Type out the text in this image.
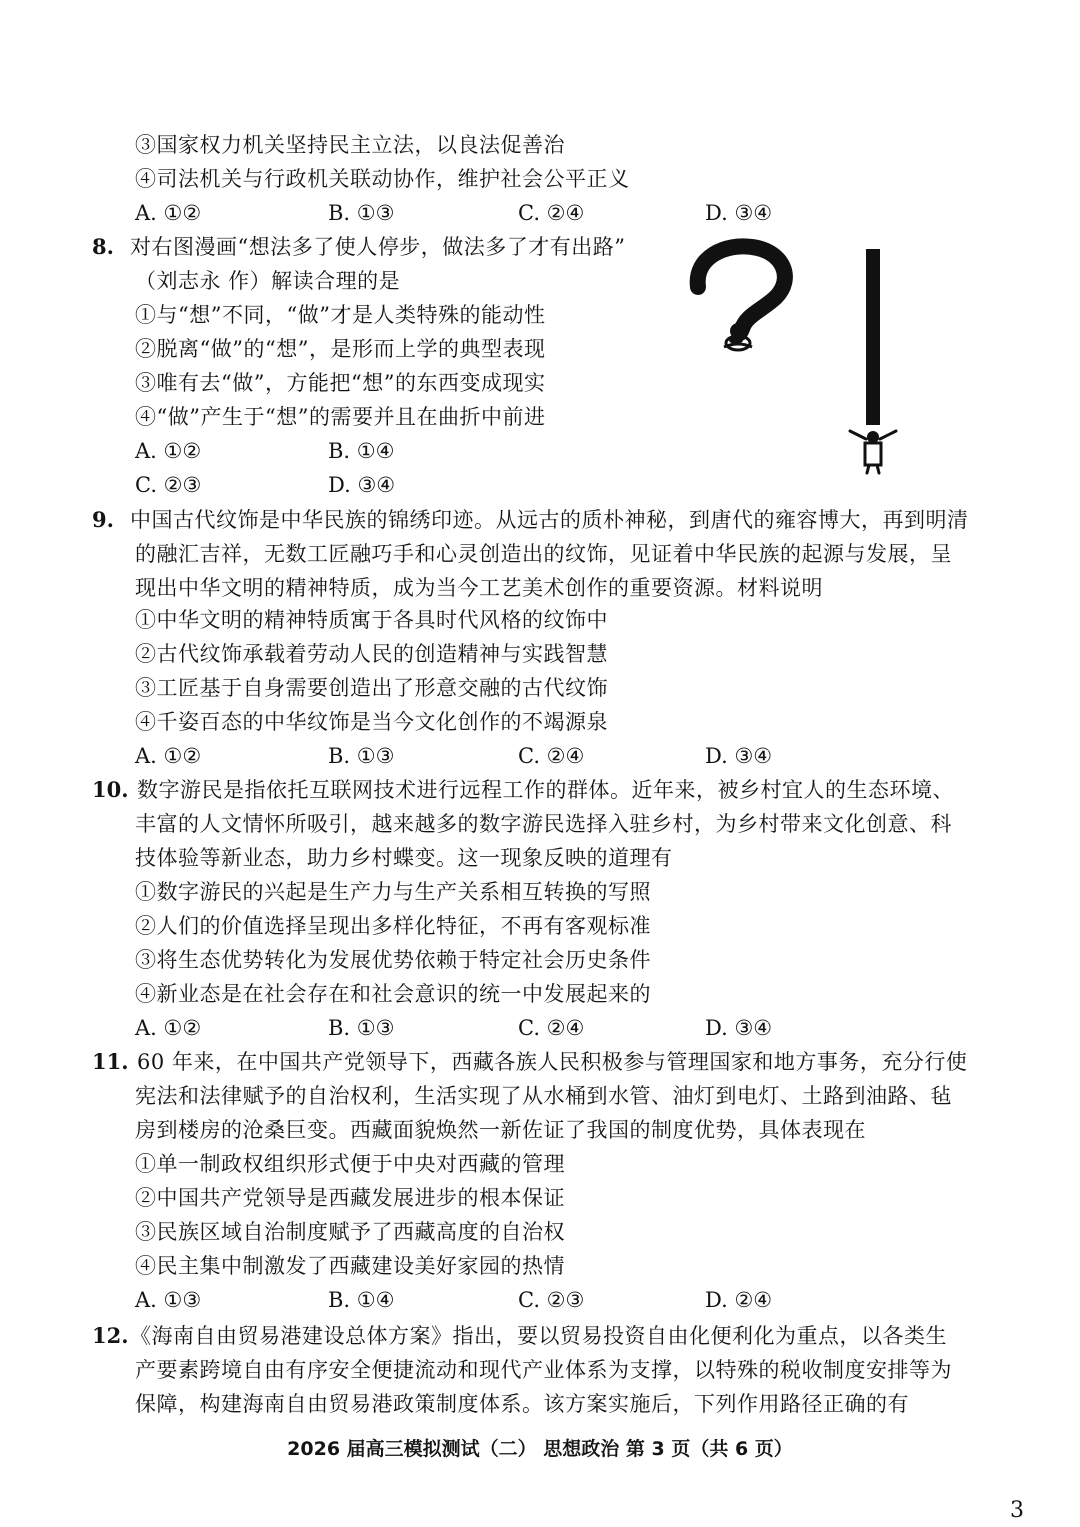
③国家权力机关坚持民主立法，以良法促善治
④司法机关与行政机关联动协作，维护社会公平正义
A. ①②	B. ①③	C. ②④	D. ③④
8. 对右图漫画“想法多了使人停步，做法多了才有出路”
（刘志永 作）解读合理的是
①与“想”不同，“做”才是人类特殊的能动性
②脱离“做”的“想”，是形而上学的典型表现
③唯有去“做”，方能把“想”的东西变成现实
④“做”产生于“想”的需要并且在曲折中前进
A. ①②	B. ①④
C. ②③	D. ③④
9. 中国古代纹饰是中华民族的锦绣印迹。从远古的质朴神秘，到唐代的雍容博大，再到明清
的融汇吉祥，无数工匠融巧手和心灵创造出的纹饰，见证着中华民族的起源与发展，呈
现出中华文明的精神特质，成为当今工艺美术创作的重要资源。材料说明
①中华文明的精神特质寓于各具时代风格的纹饰中
②古代纹饰承载着劳动人民的创造精神与实践智慧
③工匠基于自身需要创造出了形意交融的古代纹饰
④千姿百态的中华纹饰是当今文化创作的不竭源泉
A. ①②	B. ①③	C. ②④	D. ③④
10. 数字游民是指依托互联网技术进行远程工作的群体。近年来，被乡村宜人的生态环境、
丰富的人文情怀所吸引，越来越多的数字游民选择入驻乡村，为乡村带来文化创意、科
技体验等新业态，助力乡村蝶变。这一现象反映的道理有
①数字游民的兴起是生产力与生产关系相互转换的写照
②人们的价值选择呈现出多样化特征，不再有客观标准
③将生态优势转化为发展优势依赖于特定社会历史条件
④新业态是在社会存在和社会意识的统一中发展起来的
A. ①②	B. ①③	C. ②④	D. ③④
11. 60 年来，在中国共产党领导下，西藏各族人民积极参与管理国家和地方事务，充分行使
宪法和法律赋予的自治权利，生活实现了从水桶到水管、油灯到电灯、土路到油路、毡
房到楼房的沧桑巨变。西藏面貌焕然一新佐证了我国的制度优势，具体表现在
①单一制政权组织形式便于中央对西藏的管理
②中国共产党领导是西藏发展进步的根本保证
③民族区域自治制度赋予了西藏高度的自治权
④民主集中制激发了西藏建设美好家园的热情
A. ①③	B. ①④	C. ②③	D. ②④
12. 《海南自由贸易港建设总体方案》指出，要以贸易投资自由化便利化为重点，以各类生
产要素跨境自由有序安全便捷流动和现代产业体系为支撑，以特殊的税收制度安排等为
保障，构建海南自由贸易港政策制度体系。该方案实施后，下列作用路径正确的有
2026 届高三模拟测试（二） 思想政治 第 3 页（共 6 页）
3
